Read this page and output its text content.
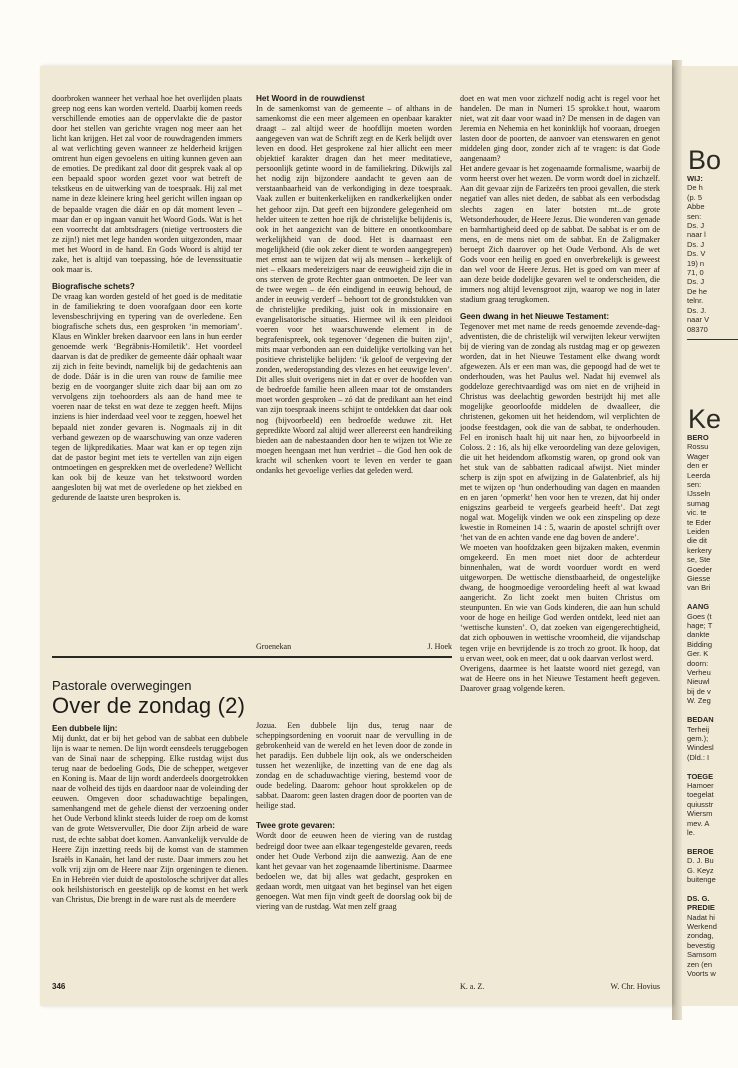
doorbroken wanneer het verhaal hoe het overlijden plaats greep nog eens kan worden verteld. Daarbij komen reeds verschillende emoties aan de oppervlakte die de pastor door het stellen van gerichte vragen nog meer aan het licht kan krijgen. Het zal voor de rouwdragenden immers al wat verlichting geven wanneer ze helderheid krijgen omtrent hun eigen gevoelens en uiting kunnen geven aan de emoties. De predikant zal door dit gesprek vaak al op een bepaald spoor worden gezet voor wat betreft de tekstkeus en de uitwerking van de toespraak. Hij zal met name in deze kleinere kring heel gericht willen ingaan op de bepaalde vragen die dáár en op dát moment leven – maar dan er op ingaan vanuit het Woord Gods. Wat is het een voorrecht dat ambtsdragers (nietige vertroosters die ze zijn!) niet met lege handen worden uitgezonden, maar met het Woord in de hand. En Gods Woord is altijd ter zake, het is altijd van toepassing, hóe de levenssituatie ook maar is.

Biografische schets?

De vraag kan worden gesteld of het goed is de meditatie in de familiekring te doen voorafgaan door een korte levensbeschrijving en typering van de overledene. Een biografische schets dus, een gesproken ‘in memoriam’. Klaus en Winkler breken daarvoor een lans in hun eerder genoemde werk ‘Begräbnis-Homiletik’. Het voordeel daarvan is dat de prediker de gemeente dáár ophaalt waar zij zich in feite bevindt, namelijk bij de gedachtenis aan de dode. Dáár is in die uren van rouw de familie mee bezig en de voorganger sluite zich daar bij aan om zo vervolgens zijn toehoorders als aan de hand mee te voeren naar de tekst en wat deze te zeggen heeft. Mijns inziens is hier inderdaad veel voor te zeggen, hoewel het bepaald niet zonder gevaren is. Nogmaals zij in dit verband gewezen op de waarschuwing van onze vaderen tegen de lijkpredikaties. Maar wat kan er op tegen zijn dat de pastor begint met iets te vertellen van zijn eigen ontmoetingen en gesprekken met de overledene? Wellicht kan ook bij de keuze van het tekstwoord worden aangesloten bij wat met de overledene op het ziekbed en gedurende de laatste uren besproken is.

Het Woord in de rouwdienst

In de samenkomst van de gemeente – of althans in de samenkomst die een meer algemeen en openbaar karakter draagt – zal altijd weer de hoofdlijn moeten worden aangegeven van wat de Schrift zegt en de Kerk belijdt over leven en dood. Het gesprokene zal hier allicht een meer objektief karakter dragen dan het meer meditatieve, persoonlijk getinte woord in de familiekring. Dikwijls zal het nodig zijn bijzondere aandacht te geven aan de verstaanbaarheid van de verkondiging in deze toespraak. Vaak zullen er buitenkerkelijken en randkerkelijken onder het gehoor zijn. Dat geeft een bijzondere gelegenheid om helder uiteen te zetten hoe rijk de christelijke belijdenis is, ook in het aangezicht van de bittere en onontkoombare werkelijkheid van de dood. Het is daarnaast een mogelijkheid (die ook zeker dient te worden aangegrepen) met ernst aan te wijzen dat wij als mensen – kerkelijk of niet – elkaars medereizigers naar de eeuwigheid zijn die in ons sterven de grote Rechter gaan ontmoeten. De leer van de twee wegen – de één eindigend in eeuwig behoud, de ander in eeuwig verderf – behoort tot de grondstukken van de christelijke prediking, juist ook in missionaire en evangelisatorische situaties. Hiermee wil ik een pleidooi voeren voor het waarschuwende element in de begrafenispreek, ook tegenover ‘degenen die buiten zijn’, mits maar verbonden aan een duidelijke vertolking van het positieve christelijke belijden: ‘ik geloof de vergeving der zonden, wederopstanding des vlezes en het eeuwige leven’. Dit alles sluit overigens niet in dat er over de hoofden van de bedroefde familie heen alleen maar tot de omstanders moet worden gesproken – zó dat de predikant aan het eind van zijn toespraak ineens schijnt te ontdekken dat daar ook nog (bijvoorbeeld) een bedroefde weduwe zit. Het gepredikte Woord zal altijd weer allereerst een handreiking bieden aan de nabestaanden door hen te wijzen tot Wie ze moegen heengaan met hun verdriet – die God hen ook de kracht wil schenken voort te leven en verder te gaan ondanks het gevoelige verlies dat geleden werd.

Groenekan	J. Hoek
Pastorale overwegingen
Over de zondag (2)

Een dubbele lijn:

Mij dunkt, dat er bij het gebod van de sabbat een dubbele lijn is waar te nemen. De lijn wordt eensdeels teruggebogen van de Sinaï naar de schepping. Elke rustdag wijst dus terug naar de bedoeling Gods, Die de schepper, wetgever en Koning is. Maar de lijn wordt anderdeels doorgetrokken naar de volheid des tijds en daardoor naar de voleinding der eeuwen. Omgeven door schaduwachtige bepalingen, samenhangend met de gehele dienst der verzoening onder het Oude Verbond klinkt steeds luider de roep om de komst van de grote Wetsvervuller, Die door Zijn arbeid de ware rust, de echte sabbat doet komen. Aanvankelijk vervulde de Heere Zijn inzetting reeds bij de komst van de stammen Israëls in Kanaän, het land der ruste. Daar immers zou het volk vrij zijn om de Heere naar Zijn orgeningen te dienen. En in Hebreën vier duidt de apostolosche schrijver dat alles ook heilshistorisch en geestelijk op de komst en het werk van Christus, Die brengt in de ware rust als de meerdere

Jozua. Een dubbele lijn dus, terug naar de scheppingsordening en vooruit naar de vervulling in de gebrokenheid van de wereld en het leven door de zonde in het paradijs. Een dubbele lijn ook, als we onderscheiden tussen het wezenlijke, de inzetting van de ene dag als zondag en de schaduwachtige viering, bestemd voor de oude bedeling. Daarom: gehoor hout sprokkelen op de sabbat. Daarom: geen lasten dragen door de poorten van de heilige stad.

Twee grote gevaren:

Wordt door de eeuwen heen de viering van de rustdag bedreigd door twee aan elkaar tegengestelde gevaren, reeds onder het Oude Verbond zijn die aanwezig. Aan de ene kant het gevaar van het zogenaamde libertinisme. Daarmee bedoelen we, dat bij alles wat gedacht, gesproken en gedaan wordt, men uitgaat van het beginsel van het eigen genoegen. Wat men fijn vindt geeft de doorslag ook bij de viering van de rustdag. Wat men zelf graag

doet en wat men voor zichzelf nodig acht is regel voor het handelen. De man in Numeri 15 sprokke.t hout, waarom niet, wat zit daar voor waad in? De mensen in de dagen van Jeremia en Nehemia en het koninklijk hof vooraan, droegen lasten door de poorten, de aanvoer van etenswaren en genot middelen ging door, zonder zich af te vragen: is dat Gode aangenaam?

Het andere gevaar is het zogenaamde formalisme, waarbij de vorm heerst over het wezen. De vorm wordt doel in zichzelf. Aan dit gevaar zijn de Farizeërs ten prooi gevallen, die sterk negatief van alles niet deden, de sabbat als een verbodsdag slechts zagen en later botsten mt...de grote Wetsonderhouder, de Heere Jezus. Die wonderen van genade en barmhartigheid deed op de sabbat. De sabbat is er om de mens, en de mens niet om de sabbat. En de Zaligmaker beroept Zich daarover op het Oude Verbond. Als de wet Gods voor een heilig en goed en onverbrekelijk is geweest dan wel voor de Heere Jezus. Het is goed om van meer af aan deze beide dodelijke gevaren wel te onderscheiden, die immers nog altijd levensgroot zijn, waarop we nog in later stadium graag terugkomen.

Geen dwang in het Nieuwe Testament:

Tegenover met met name de reeds genoemde zevende-dag-adventisten, die de christelijk wil verwijten lekeur verwijten bij de viering van de zondag als rustdag mag er op gewezen worden, dat in het Nieuwe Testament elke dwang wordt afgewezen. Als er een man was, die gepoogd had de wet te onderhouden, was het Paulus wel. Nadat hij evenwel als goddeloze gerechtvaardigd was om niet en de vrijheid in Christus was deelachtig geworden bestrijdt hij met alle mogelijke geoorloofde middelen de dwaalleer, die christenen, gekomen uit het heidendom, wil verplichten de joodse feestdagen, ook die van de sabbat, te onderhouden. Fel en ironisch haalt hij uit naar hen, zo bijvoorbeeld in Coloss. 2 : 16, als hij elke veroordeling van deze gelovigen, die uit het heidendom afkomstig waren, op grond ook van het stuk van de sabbatten radicaal afwijst. Niet minder scherp is zijn spot en afwijzing in de Galatenbrief, als hij met te wijzen op ‘hun onderhouding van dagen en maanden en en jaren ’opmerkt’ hen voor hen te vrezen, dat hij onder enigszins gearbeid te vergeefs gearbeid heeft’. Dat zegt nogal wat. Mogelijk vinden we ook een zinspeling op deze kwestie in Romeinen 14 : 5, waarin de apostel schrijft over ‘het van de en achten vande ene dag boven de andere’.

We moeten van hoofdzaken geen bijzaken maken, evenmin omgekeerd. En men moet niet door de achterdeur binnenhalen, wat de wordt voorduer wordt en werd uitgeworpen. De wettische dienstbaarheid, de ongestelijke dwang, de hoogmoedige veroordeling heeft al wat kwaad aangericht. Zo licht zoekt men buiten Christus om steunpunten. En wie van Gods kinderen, die aan hun schuld voor de hoge en heilige God werden ontdekt, leed niet aan ‘wettische kunsten’. O, dat zoeken van eigengerechtigheid, dat zich opbouwen in wettische vroomheid, die vijandschap tegen vrije en bevrijdende is zo troch zo groot. Ik hoop, dat u ervan weet, ook en meer, dat u ook daarvan verlost werd.

Overigens, daarmee is het laatste woord niet gezegd, van wat de Heere ons in het Nieuwe Testament heeft gegeven. Daarover graag volgende keren.

K. a. Z.	W. Chr. Hovius
346
Bo
WIJ:
De h
(p. 5
Abbe
sen:
Ds. J
naar l
Ds. J
Ds. V
19) n
71, 0
Ds. J
De he
telnr.
Ds. J.
naar V
08370
Ke
BERO
Rossu
Wager
den er
Leerda
sen:
IJsseln
sumag
vic. te
te Eder
Leiden
die dit
kerkery
se, Ste
Goeder
Giesse
van Bri

AANG
Goes (t
hage; T
dankte
Bidding
Ger. K
doorn:
Verheu
Nieuwl
bij de v
W. Zeg

BEDAN
Terheij
gem.);
Windesl
(Dld.: I

TOEGE
Hamoer
toegelat
quiusstr
Wiersm
mev. A
le.

BEROE
D. J. Bu
G. Keyz
buitenge

DS. G.
PREDIE
Nadat hi
Werkend
zondag,
bevestig
Samsom
zen (en
Voorts w
